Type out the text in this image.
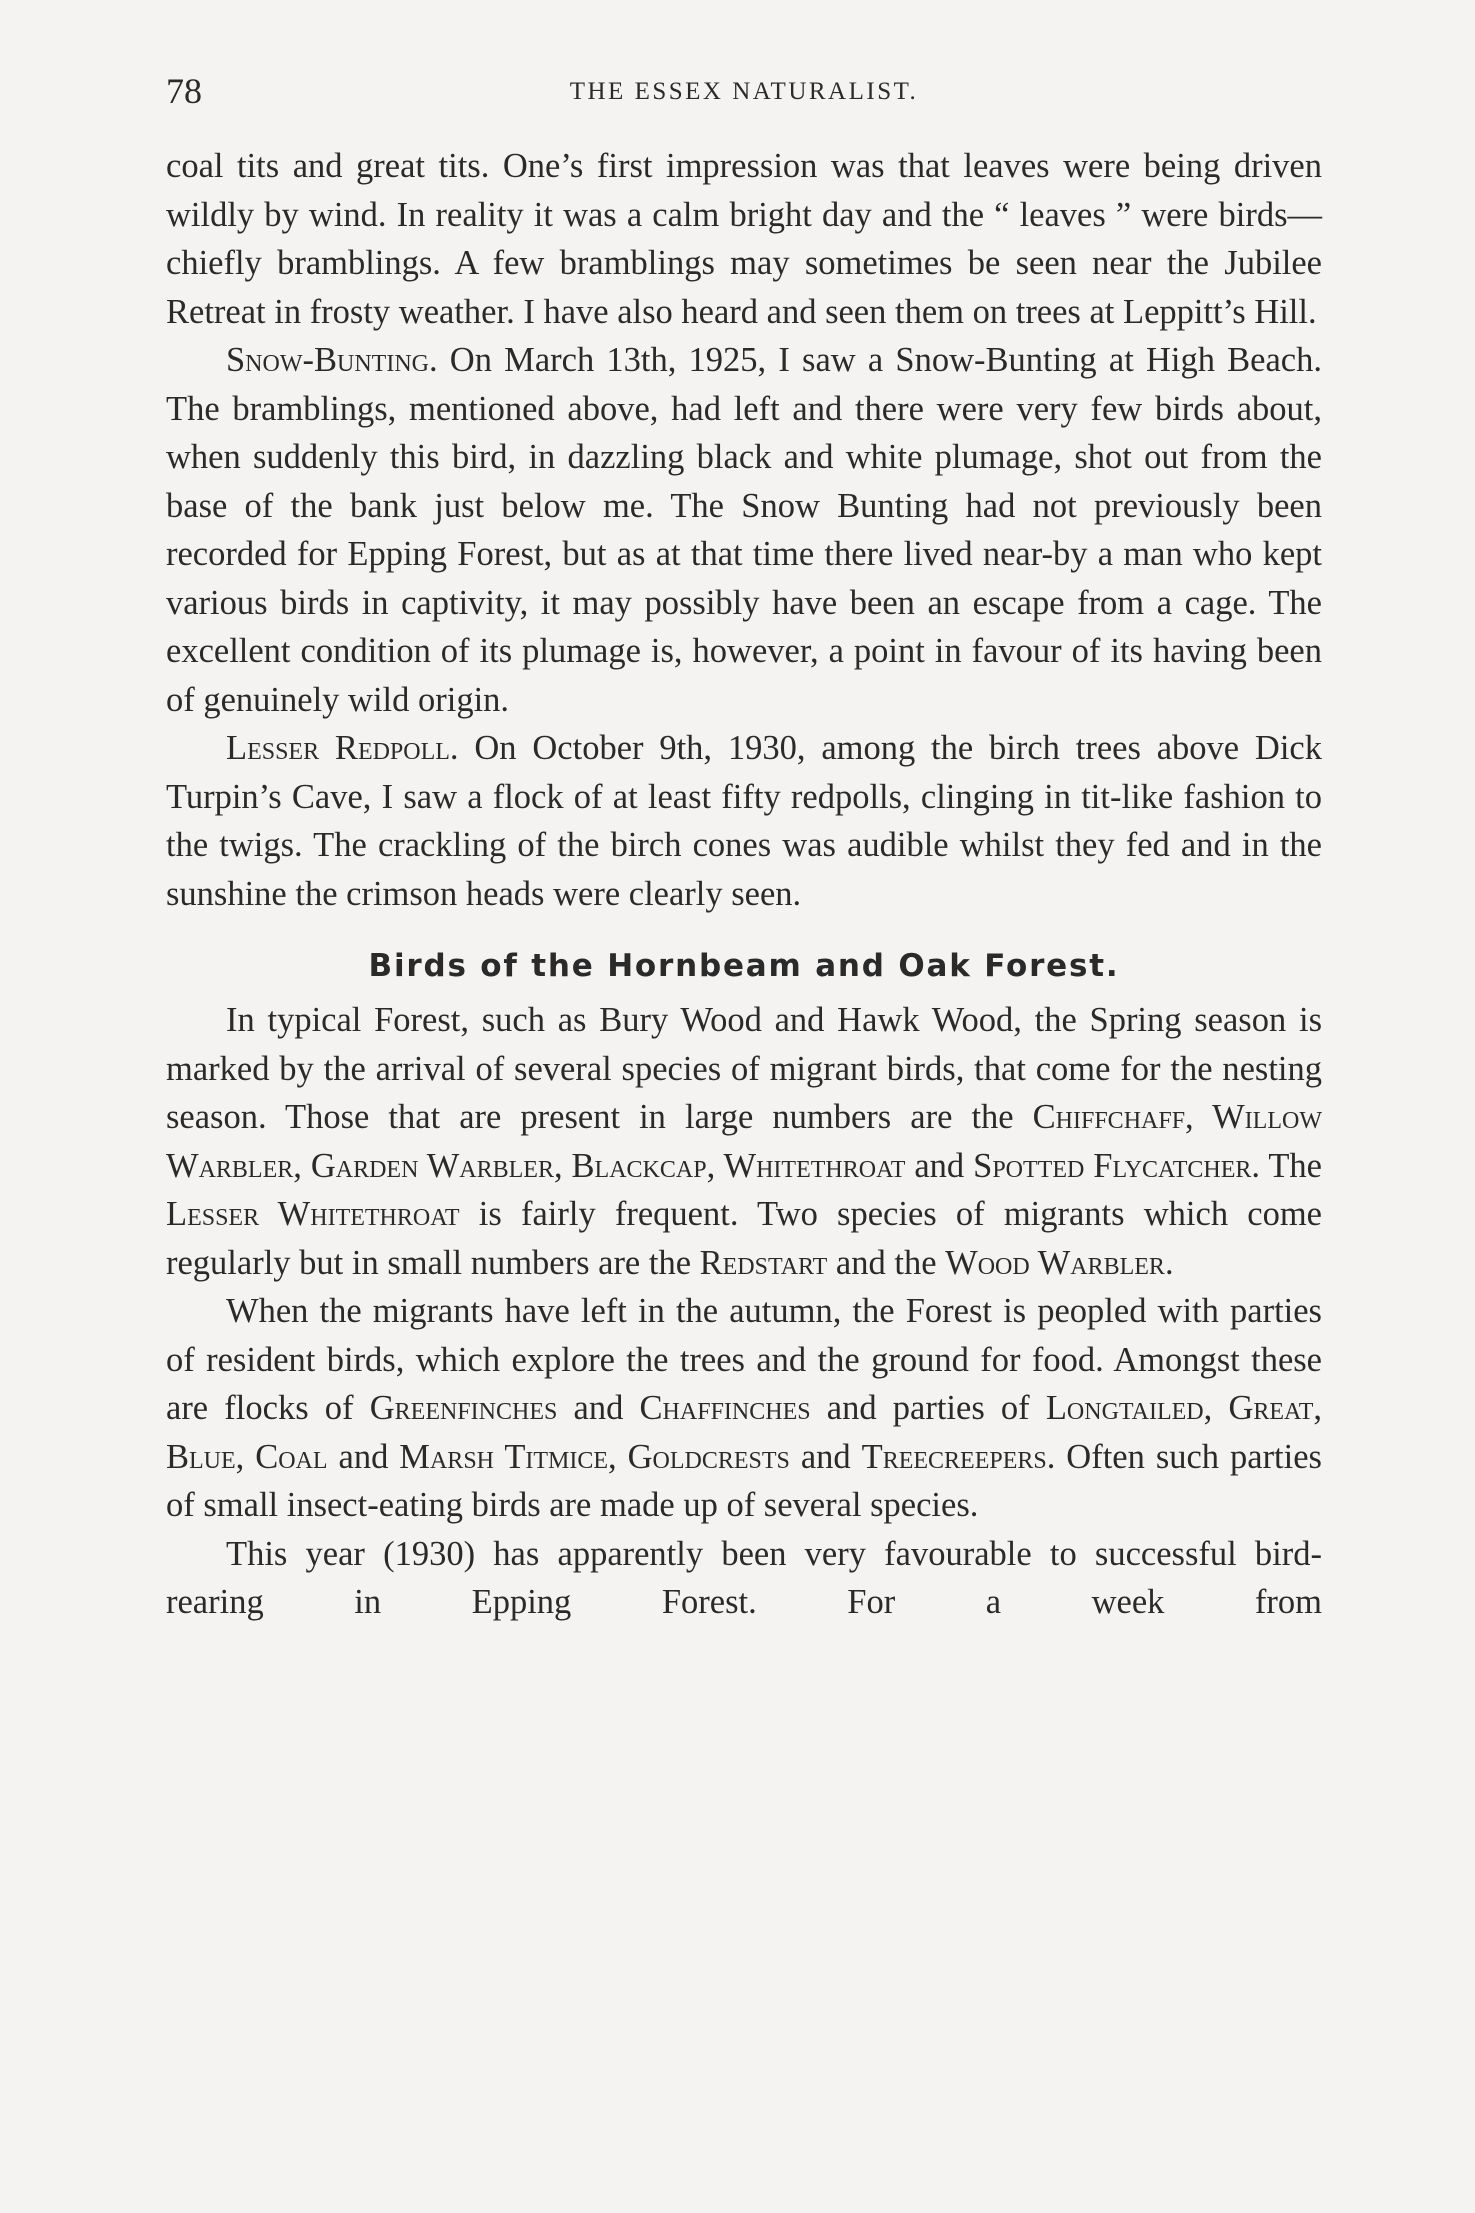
78	THE ESSEX NATURALIST.

coal tits and great tits. One’s first impression was that leaves were being driven wildly by wind. In reality it was a calm bright day and the “ leaves ” were birds—chiefly bramblings. A few bramblings may sometimes be seen near the Jubilee Retreat in frosty weather. I have also heard and seen them on trees at Leppitt’s Hill.

Snow-Bunting. On March 13th, 1925, I saw a Snow-Bunting at High Beach. The bramblings, mentioned above, had left and there were very few birds about, when suddenly this bird, in dazzling black and white plumage, shot out from the base of the bank just below me. The Snow Bunting had not previously been recorded for Epping Forest, but as at that time there lived near-by a man who kept various birds in captivity, it may possibly have been an escape from a cage. The excellent condition of its plumage is, however, a point in favour of its having been of genuinely wild origin.

Lesser Redpoll. On October 9th, 1930, among the birch trees above Dick Turpin’s Cave, I saw a flock of at least fifty redpolls, clinging in tit-like fashion to the twigs. The crackling of the birch cones was audible whilst they fed and in the sunshine the crimson heads were clearly seen.

Birds of the Hornbeam and Oak Forest.

In typical Forest, such as Bury Wood and Hawk Wood, the Spring season is marked by the arrival of several species of migrant birds, that come for the nesting season. Those that are present in large numbers are the Chiffchaff, Willow Warbler, Garden Warbler, Blackcap, Whitethroat and Spotted Flycatcher. The Lesser Whitethroat is fairly frequent. Two species of migrants which come regularly but in small numbers are the Redstart and the Wood Warbler.

When the migrants have left in the autumn, the Forest is peopled with parties of resident birds, which explore the trees and the ground for food. Amongst these are flocks of Greenfinches and Chaffinches and parties of Longtailed, Great, Blue, Coal and Marsh Titmice, Goldcrests and Treecreepers. Often such parties of small insect-eating birds are made up of several species.

This year (1930) has apparently been very favourable to successful bird-rearing in Epping Forest. For a week from
